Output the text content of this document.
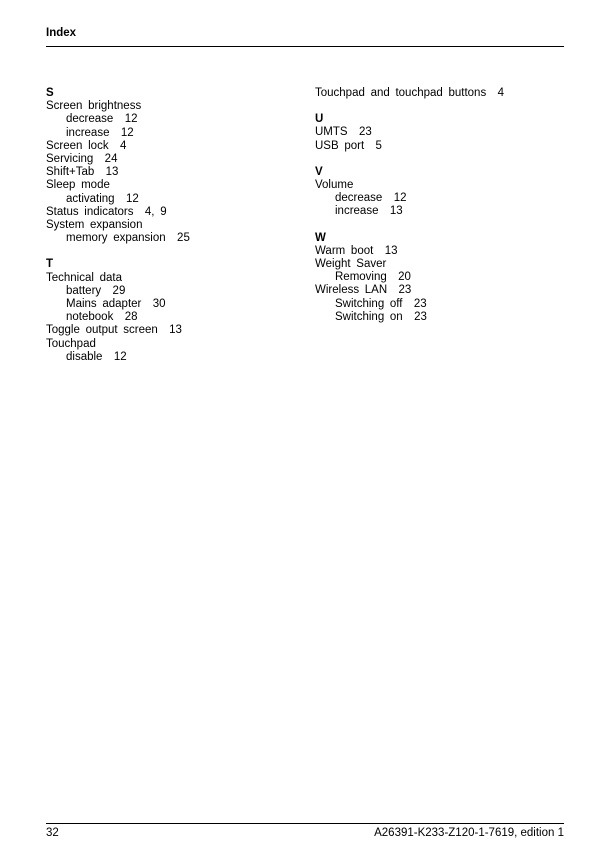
Index
S
Screen brightness
decrease  12
increase  12
Screen lock  4
Servicing  24
Shift+Tab  13
Sleep mode
activating  12
Status indicators  4, 9
System expansion
memory expansion  25
T
Technical data
battery  29
Mains adapter  30
notebook  28
Toggle output screen  13
Touchpad
disable  12
Touchpad and touchpad buttons  4
U
UMTS  23
USB port  5
V
Volume
decrease  12
increase  13
W
Warm boot  13
Weight Saver
Removing  20
Wireless LAN  23
Switching off  23
Switching on  23
32	A26391-K233-Z120-1-7619, edition 1
